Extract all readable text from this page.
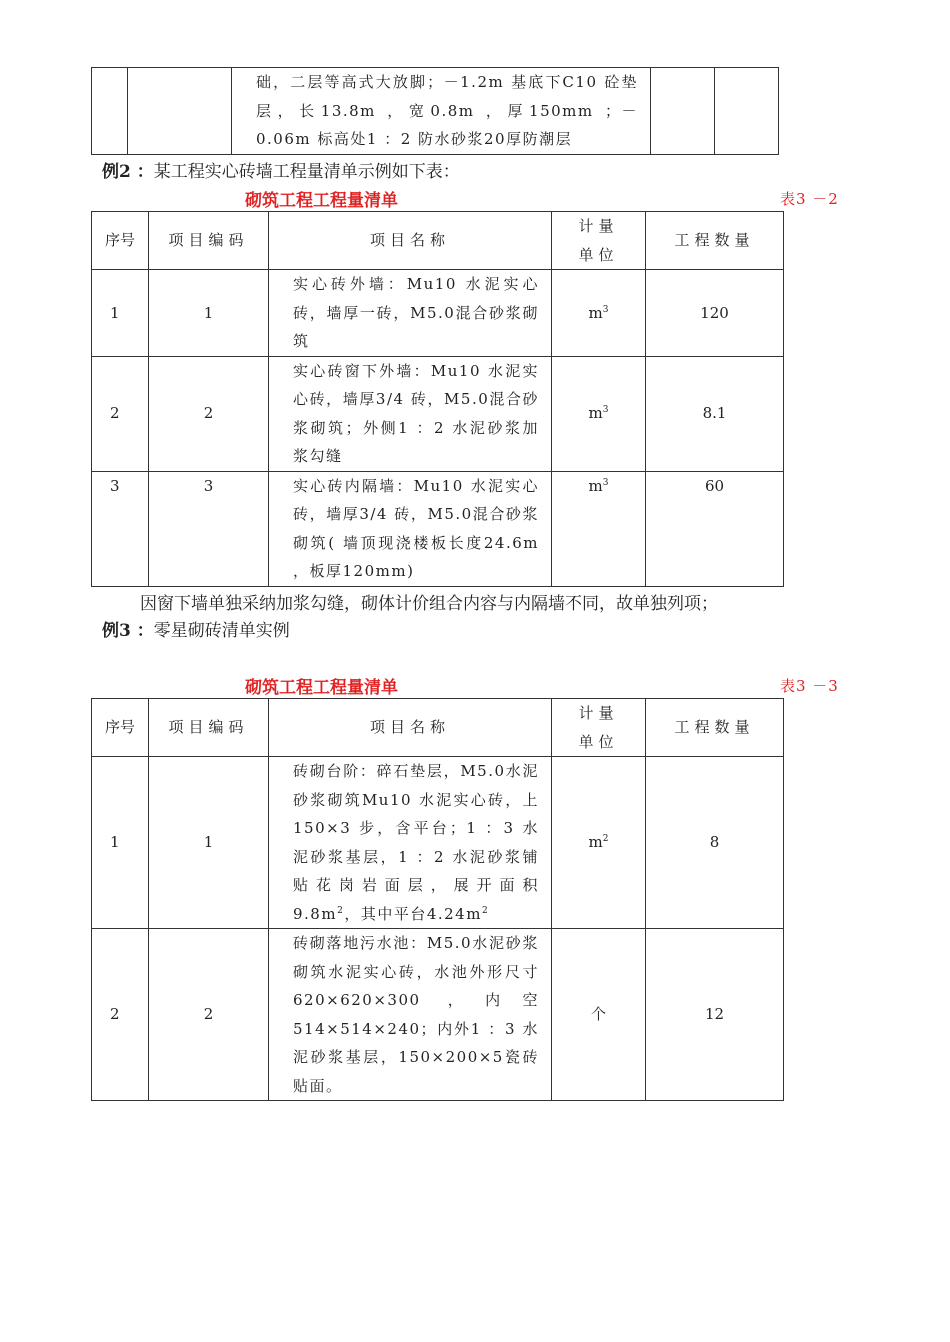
		础，二层等高式大放脚；－1.2m 基底下C10 砼垫层，长13.8m ，宽0.8m ，厚150mm ；－0.06m 标高处1 ：2 防水砂浆20厚防潮层		
例2 ：某工程实心砖墙工程量清单示例如下表：
砌筑工程工程量清单	表3 －2
序号	项目编码	项目名称	计量单位	工程数量
1	1	实心砖外墙：Mu10 水泥实心砖，墙厚一砖，M5.0混合砂浆砌筑	$m^3$	120
2	2	实心砖窗下外墙：Mu10 水泥实心砖，墙厚3/4 砖，M5.0混合砂浆砌筑；外侧1 ：2 水泥砂浆加浆勾缝	$m^3$	8.1
3	3	实心砖内隔墙：Mu10 水泥实心砖，墙厚3/4 砖，M5.0混合砂浆砌筑( 墙顶现浇楼板长度24.6m ，板厚120mm)	$m^3$	60
因窗下墙单独采纳加浆勾缝，砌体计价组合内容与内隔墙不同，故单独列项；
例3 ：零星砌砖清单实例
砌筑工程工程量清单	表3 －3
序号	项目编码	项目名称	计量单位	工程数量
1	1	砖砌台阶：碎石垫层，M5.0水泥砂浆砌筑Mu10 水泥实心砖，上150×3 步，含平台；1 ：3 水泥砂浆基层，1 ：2 水泥砂浆铺贴花岗岩面层，展开面积$9.8m^2$，其中平台$4.24m^2$	$m^2$	8
2	2	砖砌落地污水池：M5.0水泥砂浆砌筑水泥实心砖，水池外形尺寸620×620×300 ，内空514×514×240；内外1 ：3 水泥砂浆基层，150×200×5瓷砖贴面。	个	12
